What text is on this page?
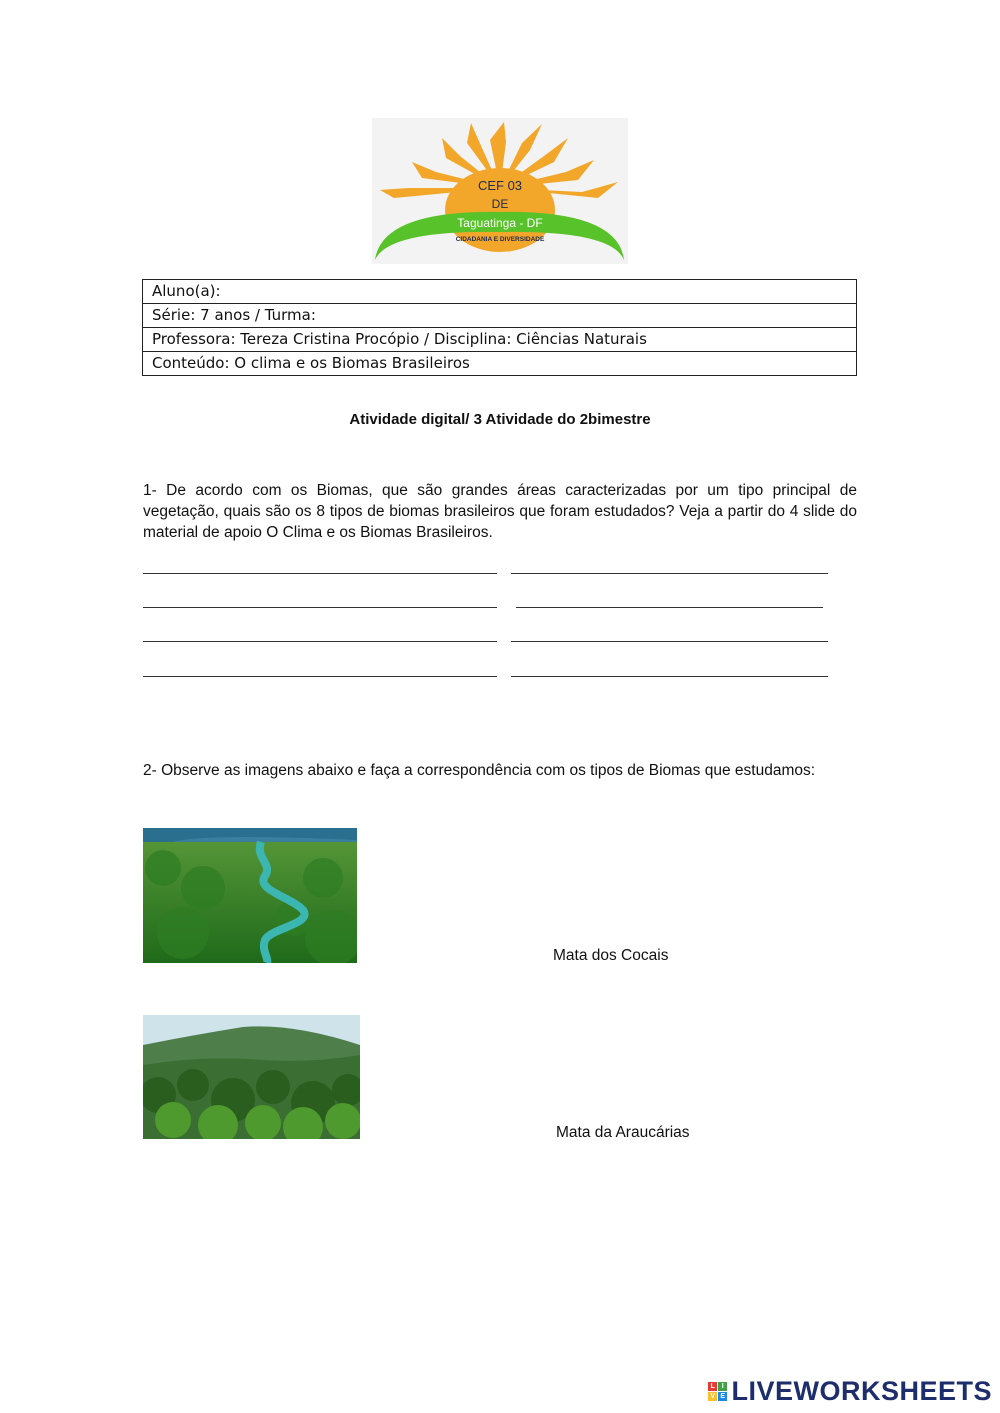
CEF 03
DE
Taguatinga - DF
CIDADANIA E DIVERSIDADE
Aluno(a):
Série: 7 anos / Turma:
Professora: Tereza Cristina Procópio / Disciplina: Ciências Naturais
Conteúdo: O clima e os Biomas Brasileiros
Atividade digital/ 3 Atividade do 2bimestre
1- De acordo com os Biomas, que são grandes áreas caracterizadas por um tipo principal de vegetação, quais são os 8 tipos de biomas brasileiros que foram estudados? Veja a partir do 4 slide do material de apoio O Clima e os Biomas Brasileiros.
2- Observe as imagens abaixo e faça a correspondência com os tipos de Biomas que estudamos:
Mata dos Cocais
Mata da Araucárias
L I
V E LIVEWORKSHEETS
